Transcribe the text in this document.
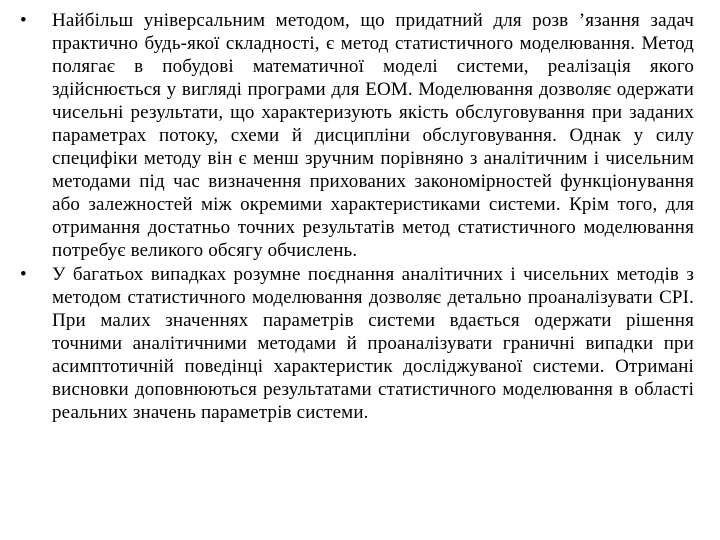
• Найбільш універсальним методом, що придатний для розв ’язання задач практично будь-якої складності, є метод статистичного моделювання. Метод полягає в побудові математичної моделі системи, реалізація якого здійснюється у вигляді програми для ЕОМ. Моделювання дозволяє одержати чисельні результати, що характеризують якість обслуговування при заданих параметрах потоку, схеми й дисципліни обслуговування. Однак у силу специфіки методу він є менш зручним порівняно з аналітичним і чисельним методами під час визначення прихованих закономірностей функціонування або залежностей між окремими характеристиками системи. Крім того, для отримання достатньо точних результатів метод статистичного моделювання потребує великого обсягу обчислень.
• У багатьох випадках розумне поєднання аналітичних і чисельних методів з методом статистичного моделювання дозволяє детально проаналізувати СРІ. При малих значеннях параметрів системи вдається одержати рішення точними аналітичними методами й проаналізувати граничні випадки при асимптотичній поведінці характеристик досліджуваної системи. Отримані висновки доповнюються результатами статистичного моделювання в області реальних значень параметрів системи.
